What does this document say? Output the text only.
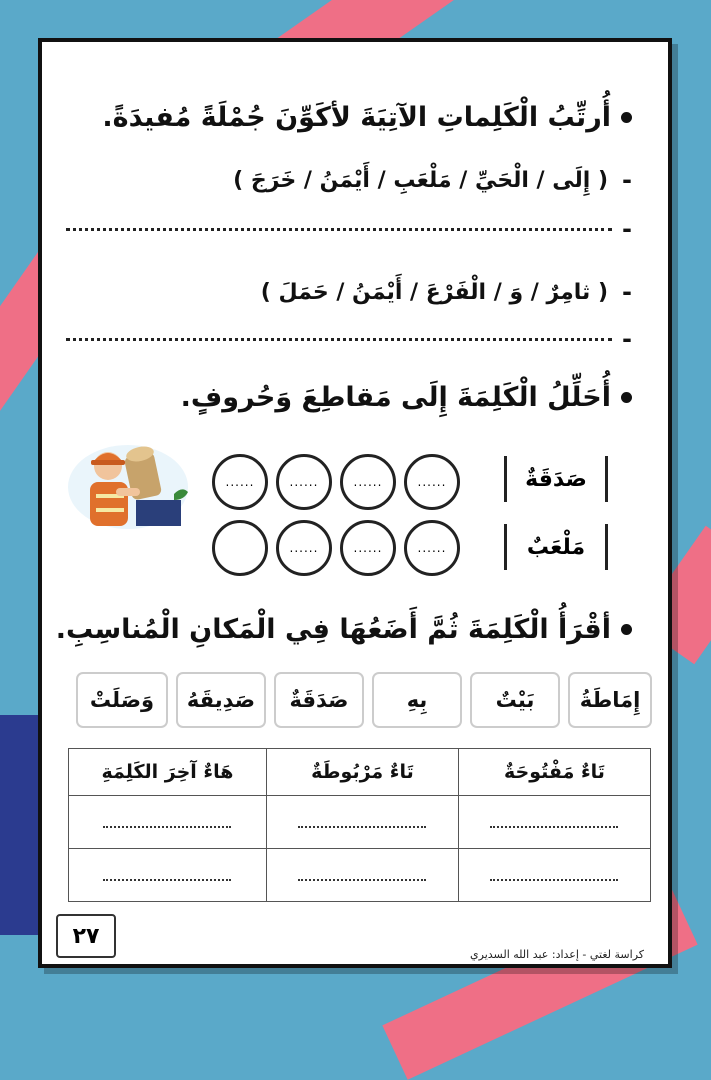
أُرتِّبُ الْكَلِماتِ الآتِيَةَ لأكَوِّنَ جُمْلَةً مُفيدَةً.
-
( إِلَى / الْحَيِّ / مَلْعَبِ / أَيْمَنُ / خَرَجَ )
-
-
( ثامِرٌ / وَ / الْفَرْعَ / أَيْمَنُ / حَمَلَ )
-
أُحَلِّلُ الْكَلِمَةَ إِلَى مَقاطِعَ وَحُروفٍ.
صَدَقَةٌ
......	......	......	......
مَلْعَبٌ
......	......	......
أقْرَأُ الْكَلِمَةَ ثُمَّ أَضَعُهَا فِي الْمَكانِ الْمُناسِبِ.
إِمَاطَةُ
بَيْتٌ
بِهِ
صَدَقَةٌ
صَدِيقَهُ
وَصَلَتْ
تَاءٌ مَفْتُوحَةٌ	تَاءٌ مَرْبُوطَةٌ	هَاءٌ آخِرَ الكَلِمَةِ

٢٧
كراسة لغتي - إعداد: عبد الله السديري
